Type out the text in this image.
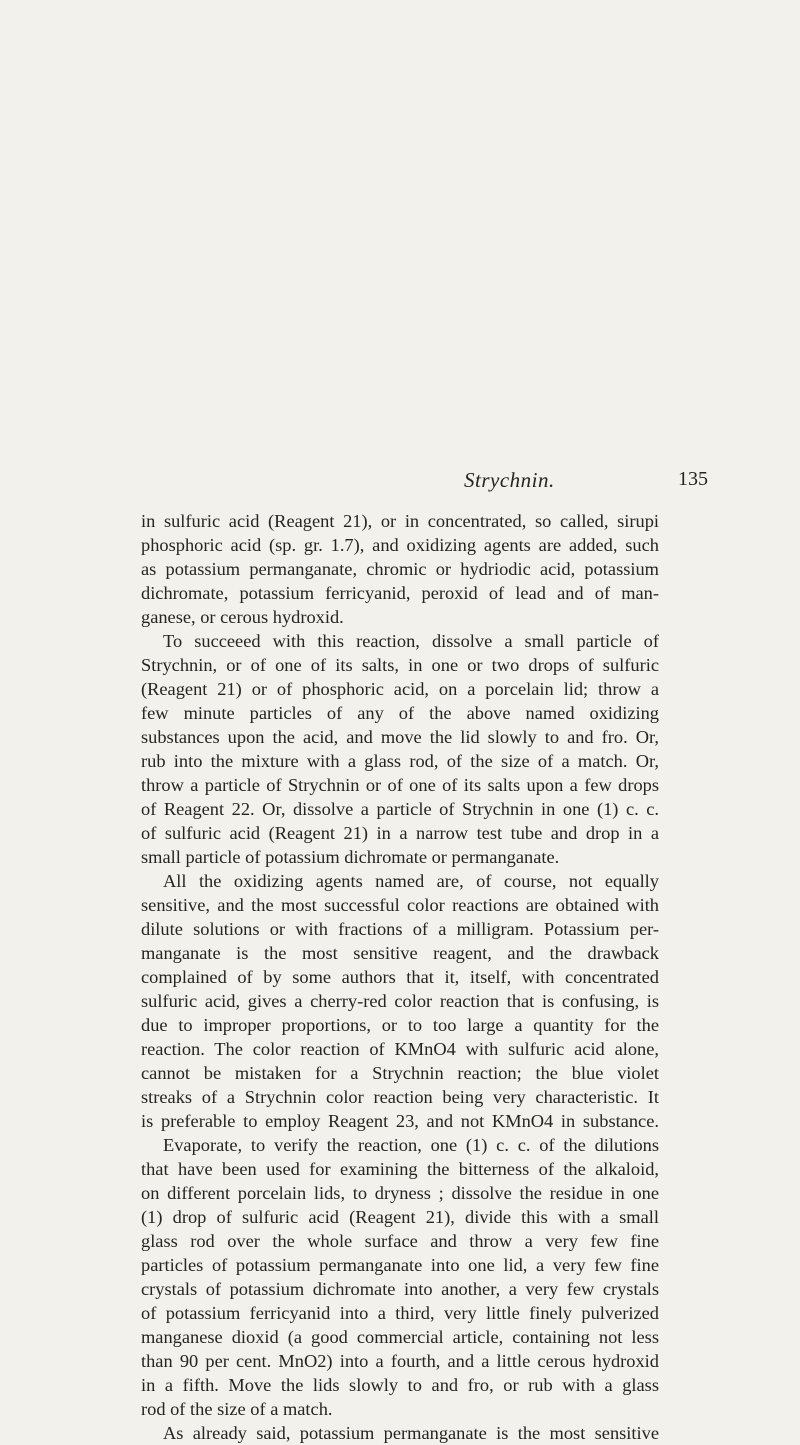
Strychnin.	135
in sulfuric acid (Reagent 21), or in concentrated, so called, sirupi
phosphoric acid (sp. gr. 1.7), and oxidizing agents are added, such
as potassium permanganate, chromic or hydriodic acid, potassium
dichromate, potassium ferricyanid, peroxid of lead and of man-
ganese, or cerous hydroxid.
To succeeed with this reaction, dissolve a small particle of
Strychnin, or of one of its salts, in one or two drops of sulfuric
(Reagent 21) or of phosphoric acid, on a porcelain lid; throw a
few minute particles of any of the above named oxidizing
substances upon the acid, and move the lid slowly to and fro. Or,
rub into the mixture with a glass rod, of the size of a match. Or,
throw a particle of Strychnin or of one of its salts upon a few drops
of Reagent 22. Or, dissolve a particle of Strychnin in one (1) c. c.
of sulfuric acid (Reagent 21) in a narrow test tube and drop in a
small particle of potassium dichromate or permanganate.
All the oxidizing agents named are, of course, not equally
sensitive, and the most successful color reactions are obtained with
dilute solutions or with fractions of a milligram. Potassium per-
manganate is the most sensitive reagent, and the drawback
complained of by some authors that it, itself, with concentrated
sulfuric acid, gives a cherry-red color reaction that is confusing, is
due to improper proportions, or to too large a quantity for the
reaction. The color reaction of KMnO4 with sulfuric acid alone,
cannot be mistaken for a Strychnin reaction; the blue violet
streaks of a Strychnin color reaction being very characteristic. It
is preferable to employ Reagent 23, and not KMnO4 in substance.
Evaporate, to verify the reaction, one (1) c. c. of the dilutions
that have been used for examining the bitterness of the alkaloid,
on different porcelain lids, to dryness ; dissolve the residue in one
(1) drop of sulfuric acid (Reagent 21), divide this with a small
glass rod over the whole surface and throw a very few fine
particles of potassium permanganate into one lid, a very few fine
crystals of potassium dichromate into another, a very few crystals
of potassium ferricyanid into a third, very little finely pulverized
manganese dioxid (a good commercial article, containing not less
than 90 per cent. MnO2) into a fourth, and a little cerous hydroxid
in a fifth. Move the lids slowly to and fro, or rub with a glass
rod of the size of a match.
As already said, potassium permanganate is the most sensitive
